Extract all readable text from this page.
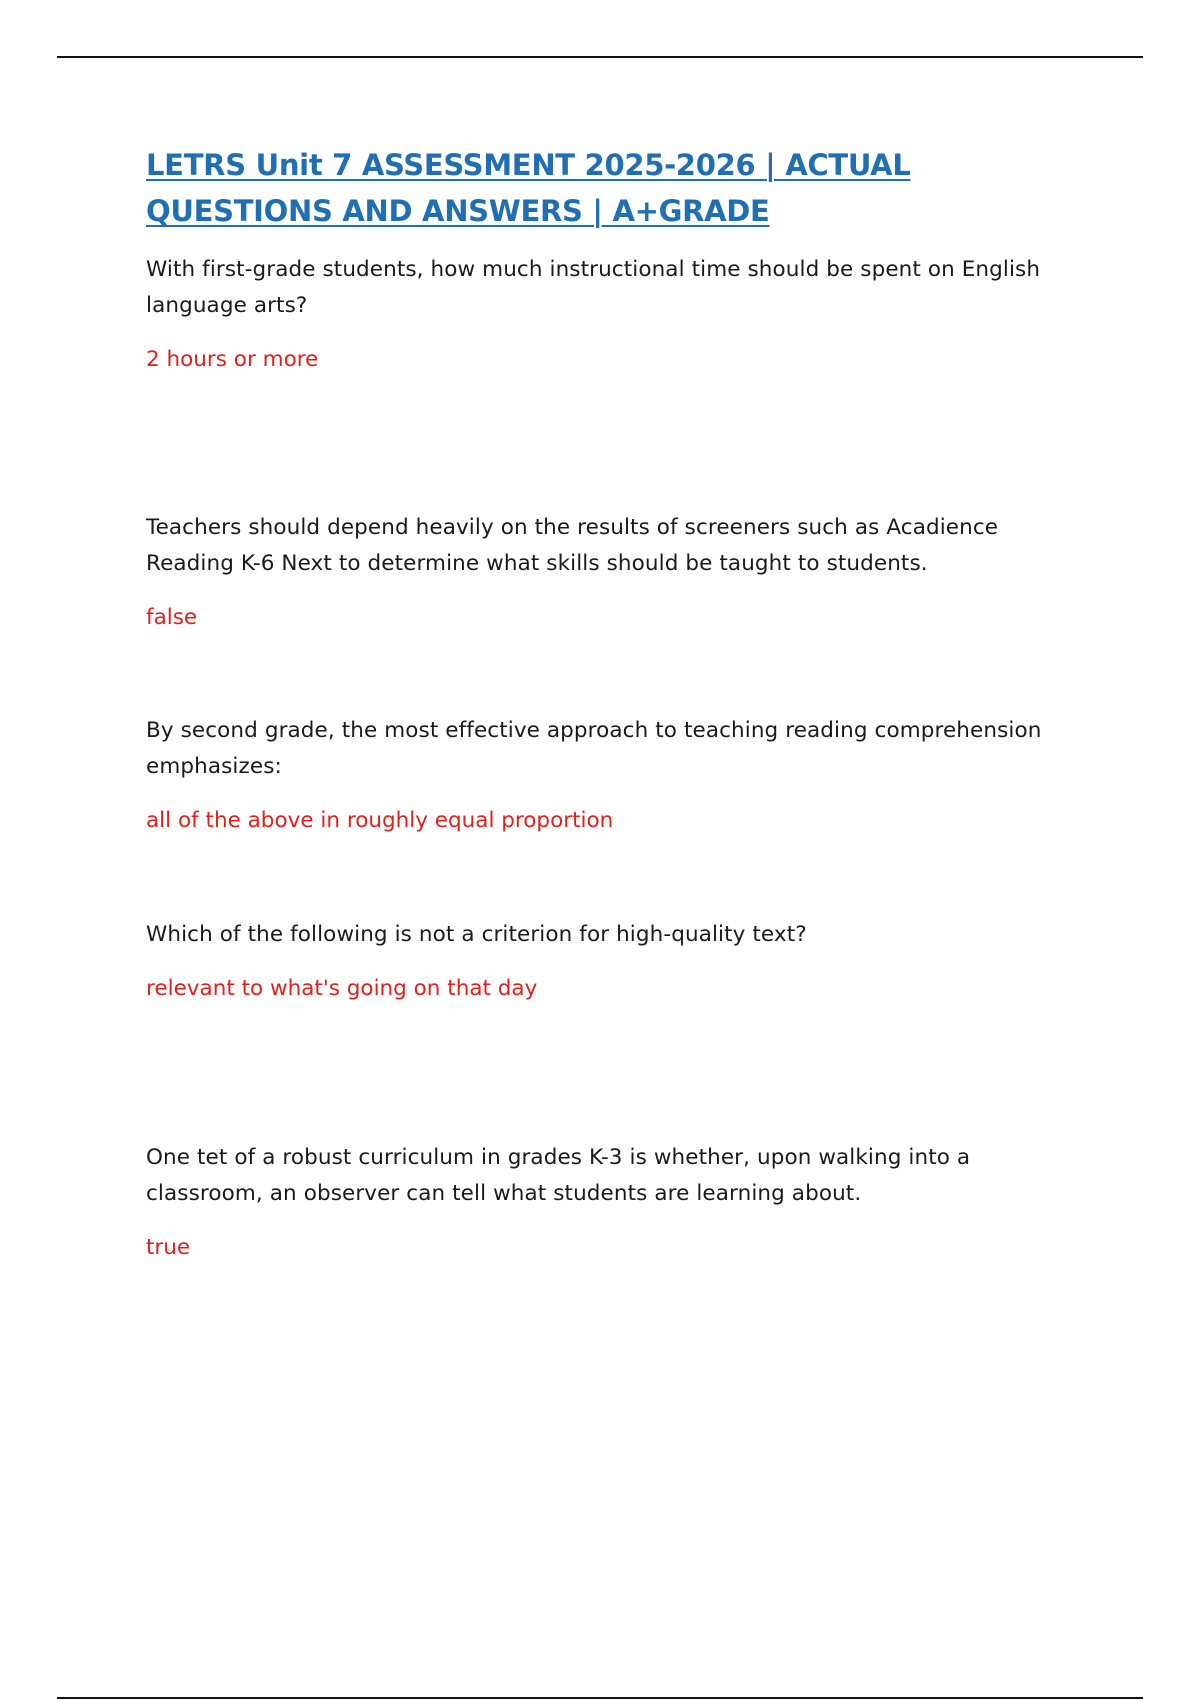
LETRS Unit 7 ASSESSMENT 2025-2026 | ACTUAL QUESTIONS AND ANSWERS | A+GRADE

With first-grade students, how much instructional time should be spent on English language arts?

2 hours or more

Teachers should depend heavily on the results of screeners such as Acadience Reading K-6 Next to determine what skills should be taught to students.

false

By second grade, the most effective approach to teaching reading comprehension emphasizes:

all of the above in roughly equal proportion

Which of the following is not a criterion for high-quality text?

relevant to what's going on that day

One tet of a robust curriculum in grades K-3 is whether, upon walking into a classroom, an observer can tell what students are learning about.

true
